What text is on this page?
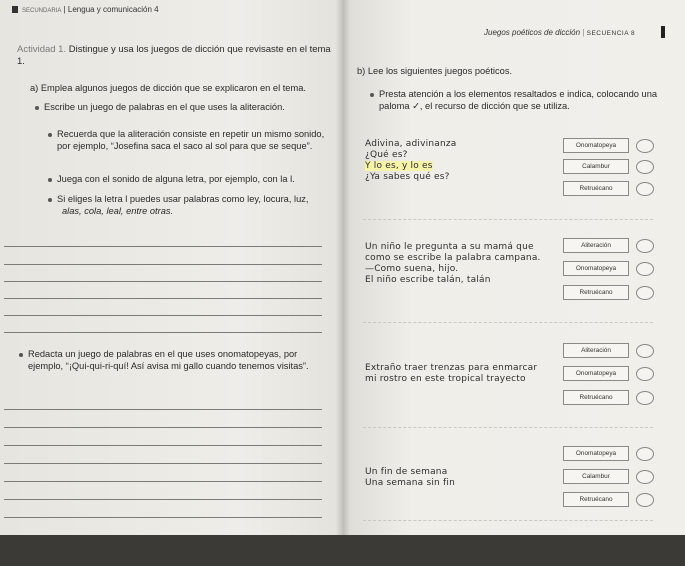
SECUNDARIA | Lengua y comunicación 4

Actividad 1. Distingue y usa los juegos de dicción que revisaste en el tema 1.

a) Emplea algunos juegos de dicción que se explicaron en el tema.

Escribe un juego de palabras en el que uses la aliteración.

Recuerda que la aliteración consiste en repetir un mismo sonido, por ejemplo, “Josefina saca el saco al sol para que se seque”.

Juega con el sonido de alguna letra, por ejemplo, con la l.

Si eliges la letra l puedes usar palabras como ley, locura, luz,

alas, cola, leal, entre otras.

Redacta un juego de palabras en el que uses onomatopeyas, por ejemplo, “¡Qui-qui-ri-quí! Así avisa mi gallo cuando tenemos visitas”.

Juegos poéticos de dicción | SECUENCIA 8

b) Lee los siguientes juegos poéticos.

Presta atención a los elementos resaltados e indica, colocando una paloma ✓, el recurso de dicción que se utiliza.

Adivina, adivinanza
¿Qué es?
Y lo es, y lo es
¿Ya sabes qué es?
Onomatopeya
Calambur
Retruécano
Un niño le pregunta a su mamá que
como se escribe la palabra campana.
—Como suena, hijo.
El niño escribe talán, talán
Aliteración
Onomatopeya
Retruécano
Extraño traer trenzas para enmarcar
mi rostro en este tropical trayecto
Aliteración
Onomatopeya
Retruécano
Un fin de semana
Una semana sin fin
Onomatopeya
Calambur
Retruécano
